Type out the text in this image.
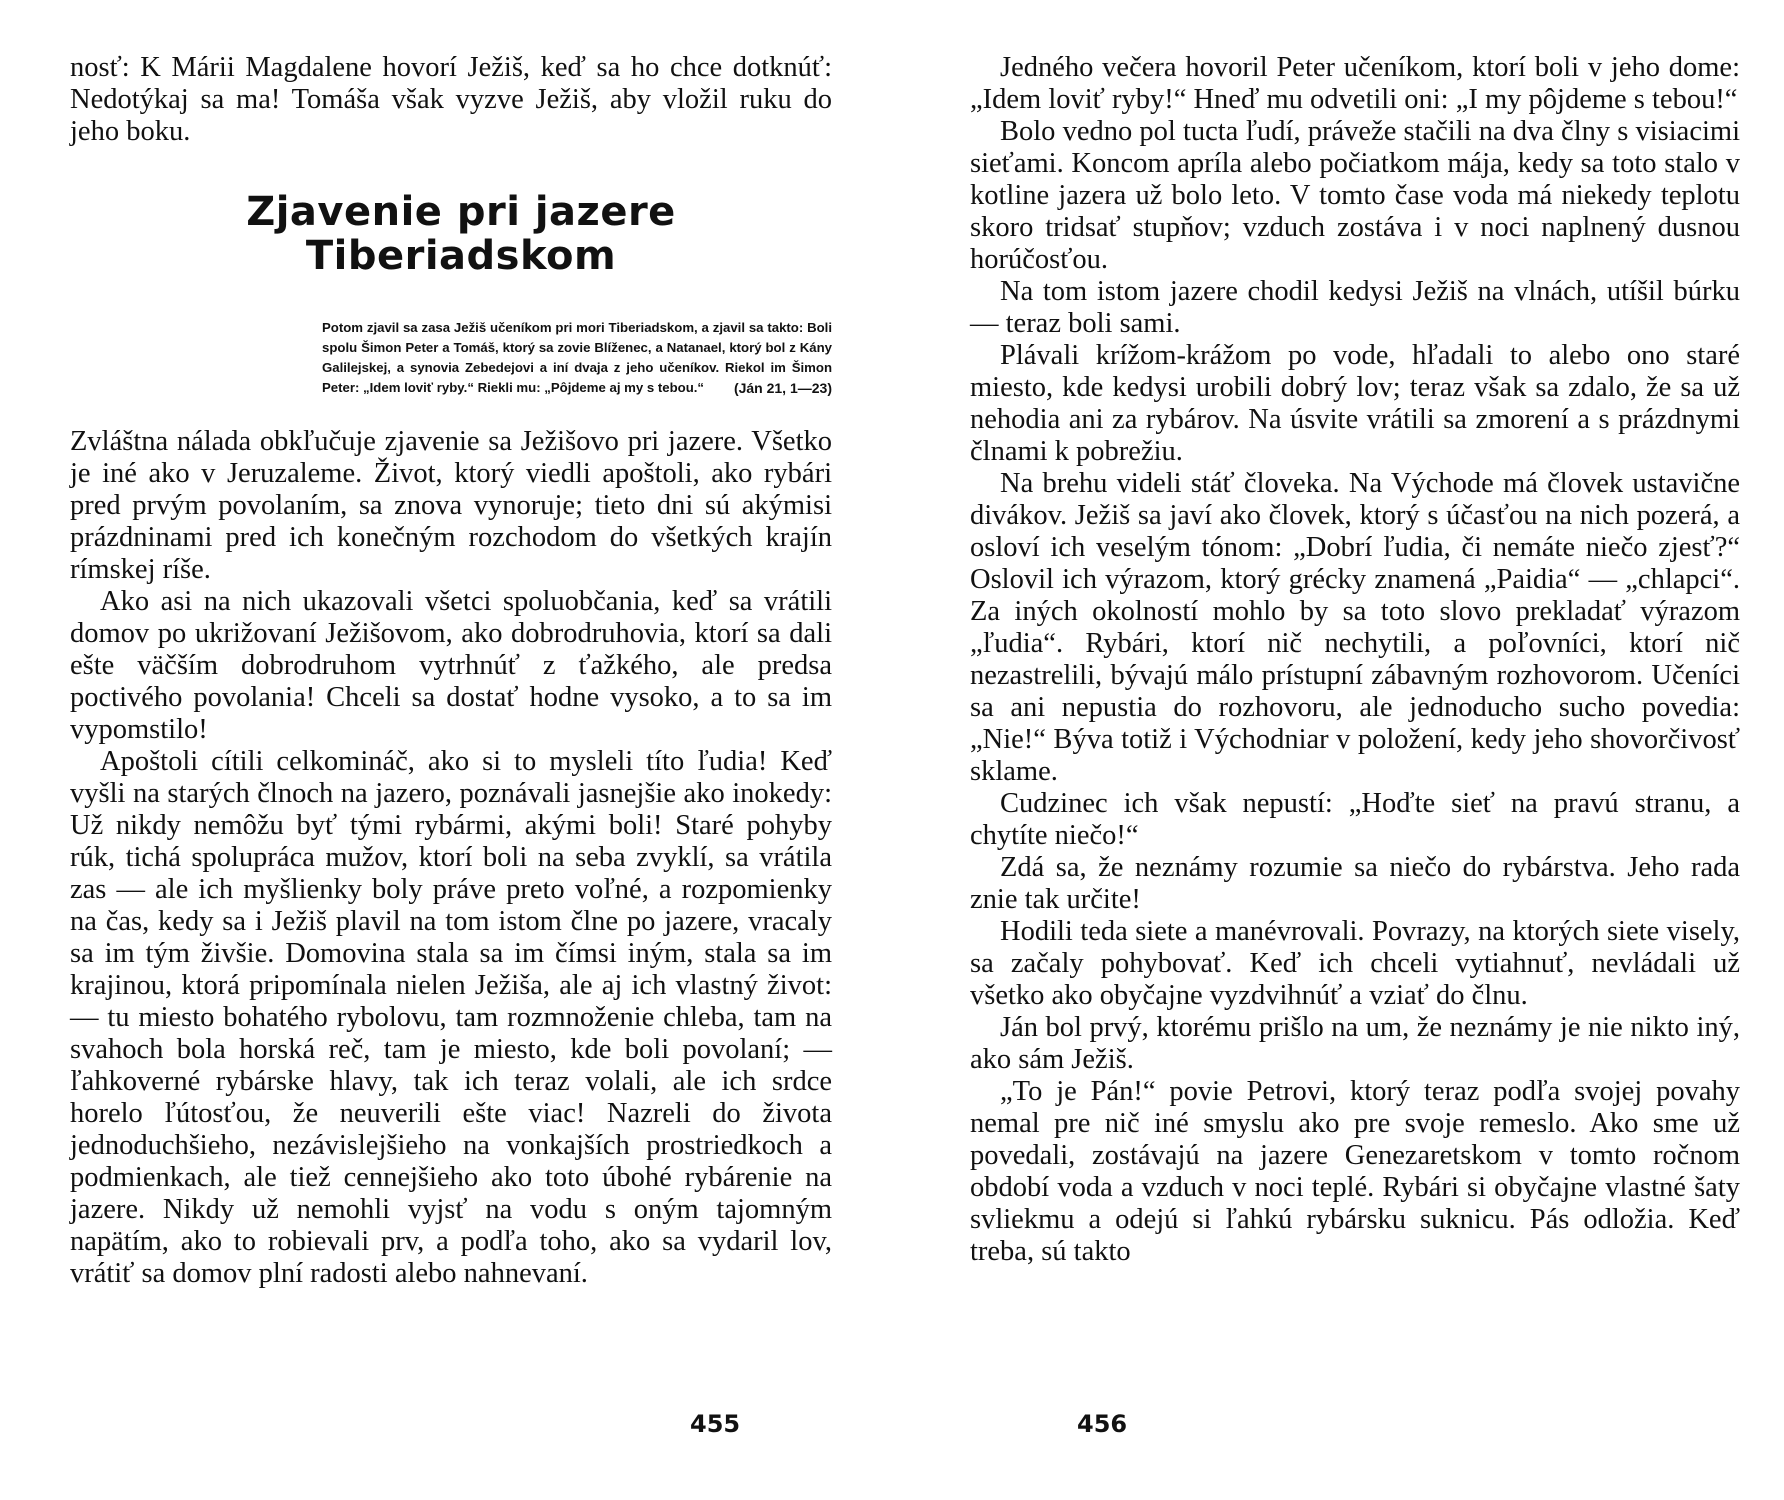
nosť: K Márii Magdalene hovorí Ježiš, keď sa ho chce dotknúť: Nedotýkaj sa ma! Tomáša však vyzve Ježiš, aby vložil ruku do jeho boku.

Zjavenie pri jazere Tiberiadskom
Potom zjavil sa zasa Ježiš učeníkom pri mori Tiberiadskom, a zjavil sa takto: Boli spolu Šimon Peter a Tomáš, ktorý sa zovie Blíženec, a Natanael, ktorý bol z Kány Galilejskej, a synovia Zebedejovi a iní dvaja z jeho učeníkov. Riekol im Šimon Peter: „Idem loviť ryby.“ Riekli mu: „Pôjdeme aj my s tebou.“ (Ján 21, 1—23)

Zvláštna nálada obkľučuje zjavenie sa Ježišovo pri jazere. Všetko je iné ako v Jeruzaleme. Život, ktorý viedli apoštoli, ako rybári pred prvým povolaním, sa znova vynoruje; tieto dni sú akýmisi prázdninami pred ich konečným rozchodom do všetkých krajín rímskej ríše.

Ako asi na nich ukazovali všetci spoluobčania, keď sa vrátili domov po ukrižovaní Ježišovom, ako dobrodruhovia, ktorí sa dali ešte väčším dobrodruhom vytrhnúť z ťažkého, ale predsa poctivého povolania! Chceli sa dostať hodne vysoko, a to sa im vypomstilo!

Apoštoli cítili celkomináč, ako si to mysleli títo ľudia! Keď vyšli na starých člnoch na jazero, poznávali jasnejšie ako inokedy: Už nikdy nemôžu byť tými rybármi, akými boli! Staré pohyby rúk, tichá spolupráca mužov, ktorí boli na seba zvyklí, sa vrátila zas — ale ich myšlienky boly práve preto voľné, a rozpomienky na čas, kedy sa i Ježiš plavil na tom istom člne po jazere, vracaly sa im tým živšie. Domovina stala sa im čímsi iným, stala sa im krajinou, ktorá pripomínala nielen Ježiša, ale aj ich vlastný život: — tu miesto bohatého rybolovu, tam rozmnoženie chleba, tam na svahoch bola horská reč, tam je miesto, kde boli povolaní; — ľahkoverné rybárske hlavy, tak ich teraz volali, ale ich srdce horelo ľútosťou, že neuverili ešte viac! Nazreli do života jednoduchšieho, nezávislejšieho na vonkajších prostriedkoch a podmienkach, ale tiež cennejšieho ako toto úbohé rybárenie na jazere. Nikdy už nemohli vyjsť na vodu s oným tajomným napätím, ako to robievali prv, a podľa toho, ako sa vydaril lov, vrátiť sa domov plní radosti alebo nahnevaní.

455

Jedného večera hovoril Peter učeníkom, ktorí boli v jeho dome: „Idem loviť ryby!“ Hneď mu odvetili oni: „I my pôjdeme s tebou!“

Bolo vedno pol tucta ľudí, práveže stačili na dva člny s visiacimi sieťami. Koncom apríla alebo počiatkom mája, kedy sa toto stalo v kotline jazera už bolo leto. V tomto čase voda má niekedy teplotu skoro tridsať stupňov; vzduch zostáva i v noci naplnený dusnou horúčosťou.

Na tom istom jazere chodil kedysi Ježiš na vlnách, utíšil búrku — teraz boli sami.

Plávali krížom-krážom po vode, hľadali to alebo ono staré miesto, kde kedysi urobili dobrý lov; teraz však sa zdalo, že sa už nehodia ani za rybárov. Na úsvite vrátili sa zmorení a s prázdnymi člnami k pobrežiu.

Na brehu videli stáť človeka. Na Východe má človek ustavične divákov. Ježiš sa javí ako človek, ktorý s účasťou na nich pozerá, a osloví ich veselým tónom: „Dobrí ľudia, či nemáte niečo zjesť?“ Oslovil ich výrazom, ktorý grécky znamená „Paidia“ — „chlapci“. Za iných okolností mohlo by sa toto slovo prekladať výrazom „ľudia“. Rybári, ktorí nič nechytili, a poľovníci, ktorí nič nezastrelili, bývajú málo prístupní zábavným rozhovorom. Učeníci sa ani nepustia do rozhovoru, ale jednoducho sucho povedia: „Nie!“ Býva totiž i Východniar v položení, kedy jeho shovorčivosť sklame.

Cudzinec ich však nepustí: „Hoďte sieť na pravú stranu, a chytíte niečo!“

Zdá sa, že neznámy rozumie sa niečo do rybárstva. Jeho rada znie tak určite!

Hodili teda siete a manévrovali. Povrazy, na ktorých siete visely, sa začaly pohybovať. Keď ich chceli vytiahnuť, nevládali už všetko ako obyčajne vyzdvihnúť a vziať do člnu.

Ján bol prvý, ktorému prišlo na um, že neznámy je nie nikto iný, ako sám Ježiš.

„To je Pán!“ povie Petrovi, ktorý teraz podľa svojej povahy nemal pre nič iné smyslu ako pre svoje remeslo. Ako sme už povedali, zostávajú na jazere Genezaretskom v tomto ročnom období voda a vzduch v noci teplé. Rybári si obyčajne vlastné šaty svliekmu a odejú si ľahkú rybársku suknicu. Pás odložia. Keď treba, sú takto

456
